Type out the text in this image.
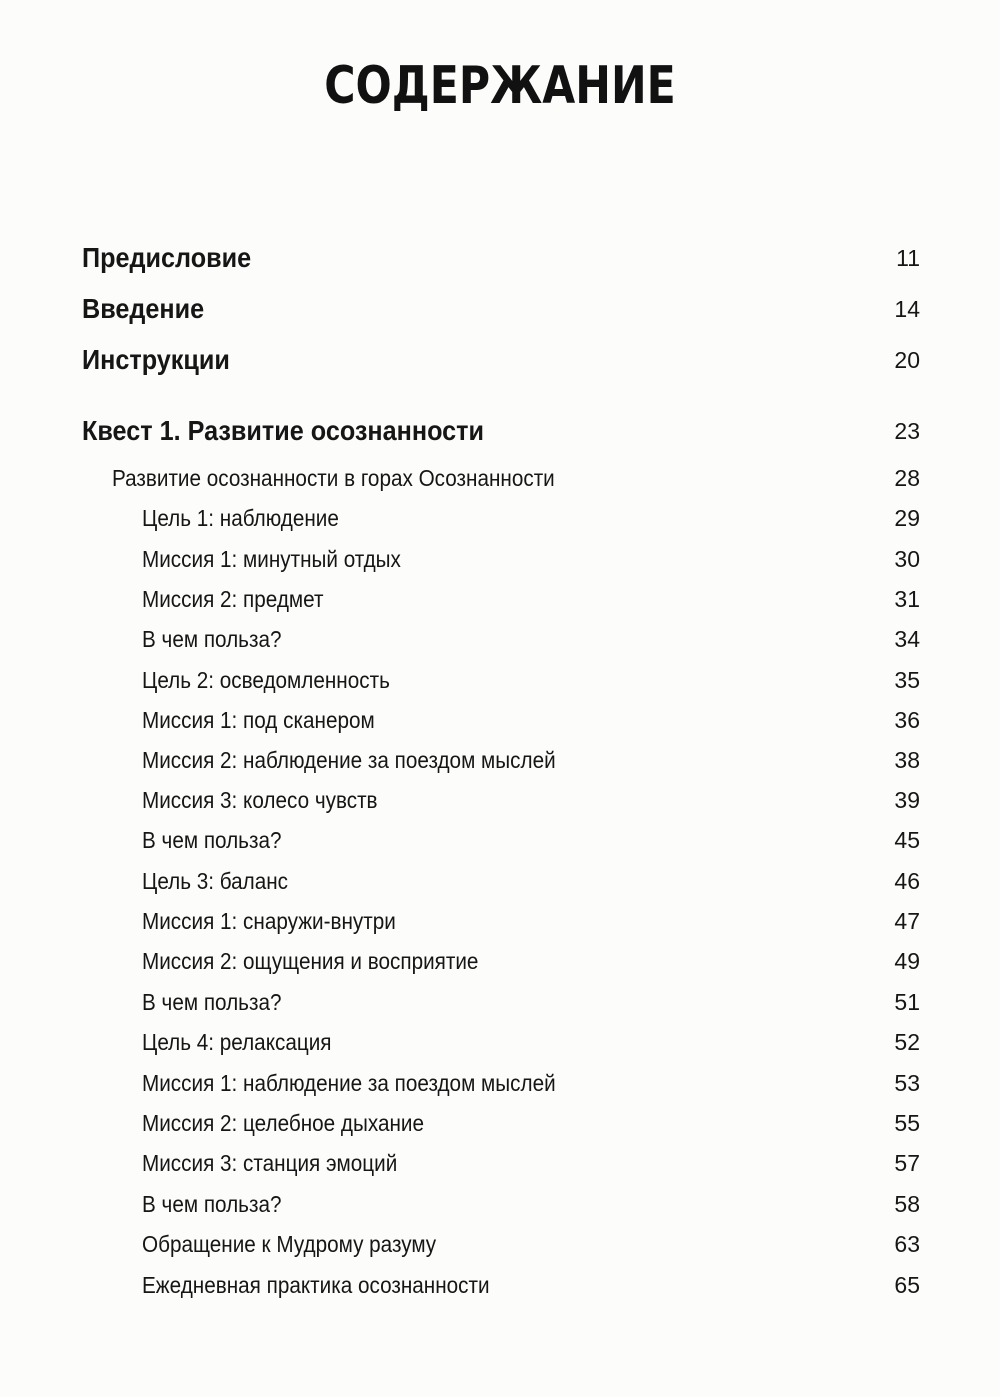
СОДЕРЖАНИЕ
Предисловие	11
Введение	14
Инструкции	20
Квест 1. Развитие осознанности	23
Развитие осознанности в горах Осознанности	28
Цель 1: наблюдение	29
Миссия 1: минутный отдых	30
Миссия 2: предмет	31
В чем польза?	34
Цель 2: осведомленность	35
Миссия 1: под сканером	36
Миссия 2: наблюдение за поездом мыслей	38
Миссия 3: колесо чувств	39
В чем польза?	45
Цель 3: баланс	46
Миссия 1: снаружи-внутри	47
Миссия 2: ощущения и восприятие	49
В чем польза?	51
Цель 4: релаксация	52
Миссия 1: наблюдение за поездом мыслей	53
Миссия 2: целебное дыхание	55
Миссия 3: станция эмоций	57
В чем польза?	58
Обращение к Мудрому разуму	63
Ежедневная практика осознанности	65
